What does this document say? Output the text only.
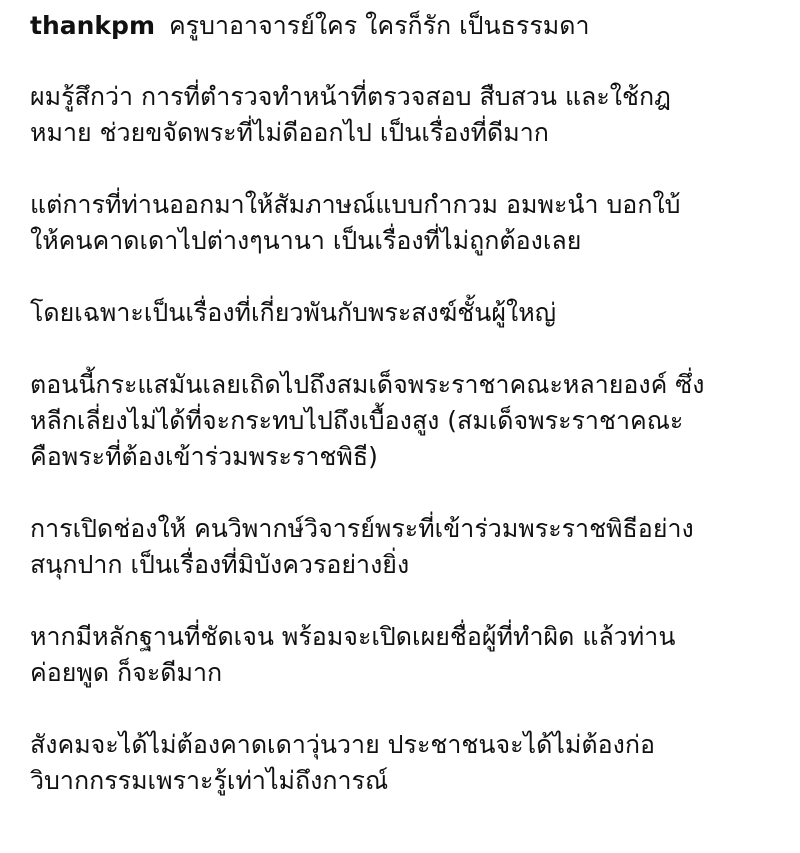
thankpm ครูบาอาจารย์ใคร ใครก็รัก เป็นธรรมดา

ผมรู้สึกว่า การที่ตำรวจทำหน้าที่ตรวจสอบ สืบสวน และใช้กฎ
หมาย ช่วยขจัดพระที่ไม่ดีออกไป เป็นเรื่องที่ดีมาก

แต่การที่ท่านออกมาให้สัมภาษณ์แบบกำกวม อมพะนำ บอกใบ้
ให้คนคาดเดาไปต่างๆนานา เป็นเรื่องที่ไม่ถูกต้องเลย

โดยเฉพาะเป็นเรื่องที่เกี่ยวพันกับพระสงฆ์ชั้นผู้ใหญ่

ตอนนี้กระแสมันเลยเถิดไปถึงสมเด็จพระราชาคณะหลายองค์ ซึ่ง
หลีกเลี่ยงไม่ได้ที่จะกระทบไปถึงเบื้องสูง (สมเด็จพระราชาคณะ
คือพระที่ต้องเข้าร่วมพระราชพิธี)

การเปิดช่องให้ คนวิพากษ์วิจารย์พระที่เข้าร่วมพระราชพิธีอย่าง
สนุกปาก เป็นเรื่องที่มิบังควรอย่างยิ่ง

หากมีหลักฐานที่ชัดเจน พร้อมจะเปิดเผยชื่อผู้ที่ทำผิด แล้วท่าน
ค่อยพูด ก็จะดีมาก

สังคมจะได้ไม่ต้องคาดเดาวุ่นวาย ประชาชนจะได้ไม่ต้องก่อ
วิบากกรรมเพราะรู้เท่าไม่ถึงการณ์
